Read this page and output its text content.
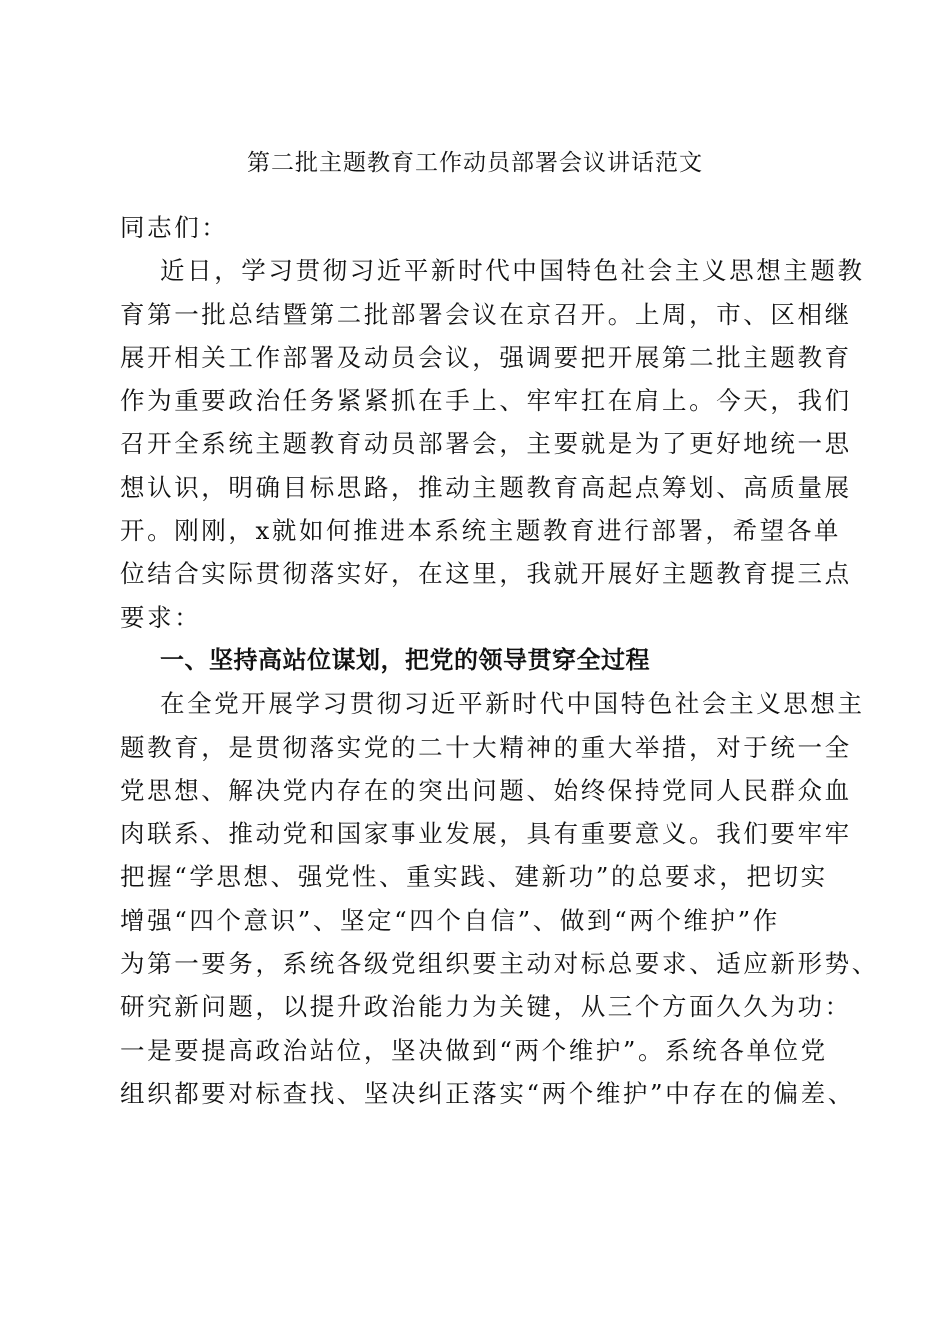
第二批主题教育工作动员部署会议讲话范文
同志们：
近日，学习贯彻习近平新时代中国特色社会主义思想主题教
育第一批总结暨第二批部署会议在京召开。上周，市、区相继
展开相关工作部署及动员会议，强调要把开展第二批主题教育
作为重要政治任务紧紧抓在手上、牢牢扛在肩上。今天，我们
召开全系统主题教育动员部署会，主要就是为了更好地统一思
想认识，明确目标思路，推动主题教育高起点筹划、高质量展
开。刚刚，x就如何推进本系统主题教育进行部署，希望各单
位结合实际贯彻落实好，在这里，我就开展好主题教育提三点
要求：
一、坚持高站位谋划，把党的领导贯穿全过程
在全党开展学习贯彻习近平新时代中国特色社会主义思想主
题教育，是贯彻落实党的二十大精神的重大举措，对于统一全
党思想、解决党内存在的突出问题、始终保持党同人民群众血
肉联系、推动党和国家事业发展，具有重要意义。我们要牢牢
把握“学思想、强党性、重实践、建新功”的总要求，把切实
增强“四个意识”、坚定“四个自信”、做到“两个维护”作
为第一要务，系统各级党组织要主动对标总要求、适应新形势、
研究新问题，以提升政治能力为关键，从三个方面久久为功：
一是要提高政治站位，坚决做到“两个维护”。系统各单位党
组织都要对标查找、坚决纠正落实“两个维护”中存在的偏差、
